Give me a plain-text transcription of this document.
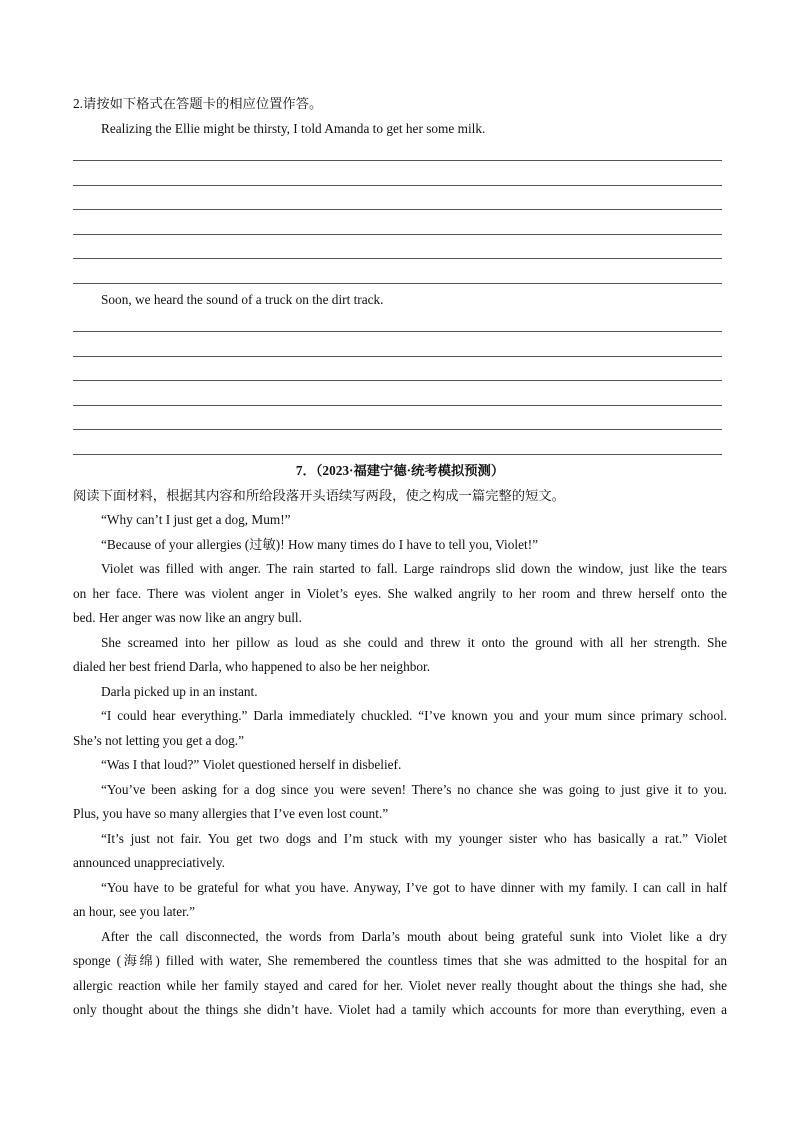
2.请按如下格式在答题卡的相应位置作答。
Realizing the Ellie might be thirsty, I told Amanda to get her some milk.
Soon, we heard the sound of a truck on the dirt track.
7．（2023·福建宁德·统考模拟预测）
阅读下面材料，根据其内容和所给段落开头语续写两段，使之构成一篇完整的短文。
“Why can’t I just get a dog, Mum!”
“Because of your allergies (过敏)! How many times do I have to tell you, Violet!”
Violet was filled with anger. The rain started to fall. Large raindrops slid down the window, just like the tears
on her face. There was violent anger in Violet’s eyes. She walked angrily to her room and threw herself onto the
bed. Her anger was now like an angry bull.
She screamed into her pillow as loud as she could and threw it onto the ground with all her strength. She
dialed her best friend Darla, who happened to also be her neighbor.
Darla picked up in an instant.
“I could hear everything.” Darla immediately chuckled. “I’ve known you and your mum since primary school.
She’s not letting you get a dog.”
“Was I that loud?” Violet questioned herself in disbelief.
“You’ve been asking for a dog since you were seven! There’s no chance she was going to just give it to you.
Plus, you have so many allergies that I’ve even lost count.”
“It’s just not fair. You get two dogs and I’m stuck with my younger sister who has basically a rat.” Violet
announced unappreciatively.
“You have to be grateful for what you have. Anyway, I’ve got to have dinner with my family. I can call in half
an hour, see you later.”
After the call disconnected, the words from Darla’s mouth about being grateful sunk into Violet like a dry
sponge (海绵) filled with water, She remembered the countless times that she was admitted to the hospital for an
allergic reaction while her family stayed and cared for her. Violet never really thought about the things she had, she
only thought about the things she didn’t have. Violet had a tamily which accounts for more than everything, even a
